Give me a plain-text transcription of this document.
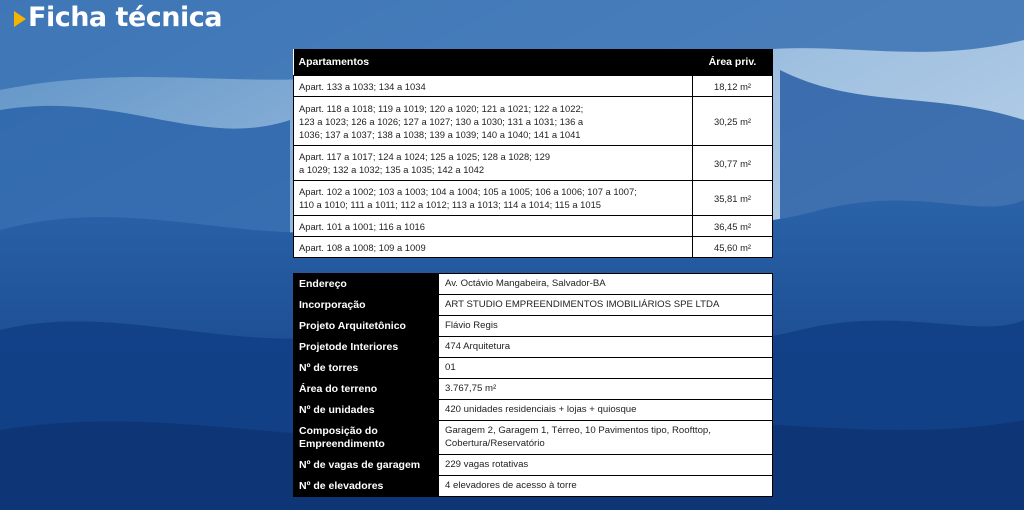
Ficha técnica
Apartamentos	Área priv.
Apart. 133 a 1033; 134 a 1034	18,12 m²
Apart. 118 a 1018; 119 a 1019; 120 a 1020; 121 a 1021; 122 a 1022;
123 a 1023; 126 a 1026; 127 a 1027; 130 a 1030; 131 a 1031; 136 a
1036; 137 a 1037; 138 a 1038; 139 a 1039; 140 a 1040; 141 a 1041	30,25 m²
Apart. 117 a 1017; 124 a 1024; 125 a 1025; 128 a 1028; 129
a 1029; 132 a 1032; 135 a 1035; 142 a 1042	30,77 m²
Apart. 102 a 1002; 103 a 1003; 104 a 1004; 105 a 1005; 106 a 1006; 107 a 1007;
110 a 1010; 111 a 1011; 112 a 1012; 113 a 1013; 114 a 1014; 115 a 1015	35,81 m²
Apart. 101 a 1001; 116 a 1016	36,45 m²
Apart. 108 a 1008; 109 a 1009	45,60 m²
Endereço	Av. Octávio Mangabeira, Salvador-BA
Incorporação	ART STUDIO EMPREENDIMENTOS IMOBILIÁRIOS SPE LTDA
Projeto Arquitetônico	Flávio Regis
Projetode Interiores	474 Arquitetura
Nº de torres	01
Área do terreno	3.767,75 m²
Nº de unidades	420 unidades residenciais + lojas + quiosque
Composição do
Empreendimento	Garagem 2, Garagem 1, Térreo, 10 Pavimentos tipo, Roofttop,
Cobertura/Reservatório
Nº de vagas de garagem	229 vagas rotativas
Nº de elevadores	4 elevadores de acesso à torre
